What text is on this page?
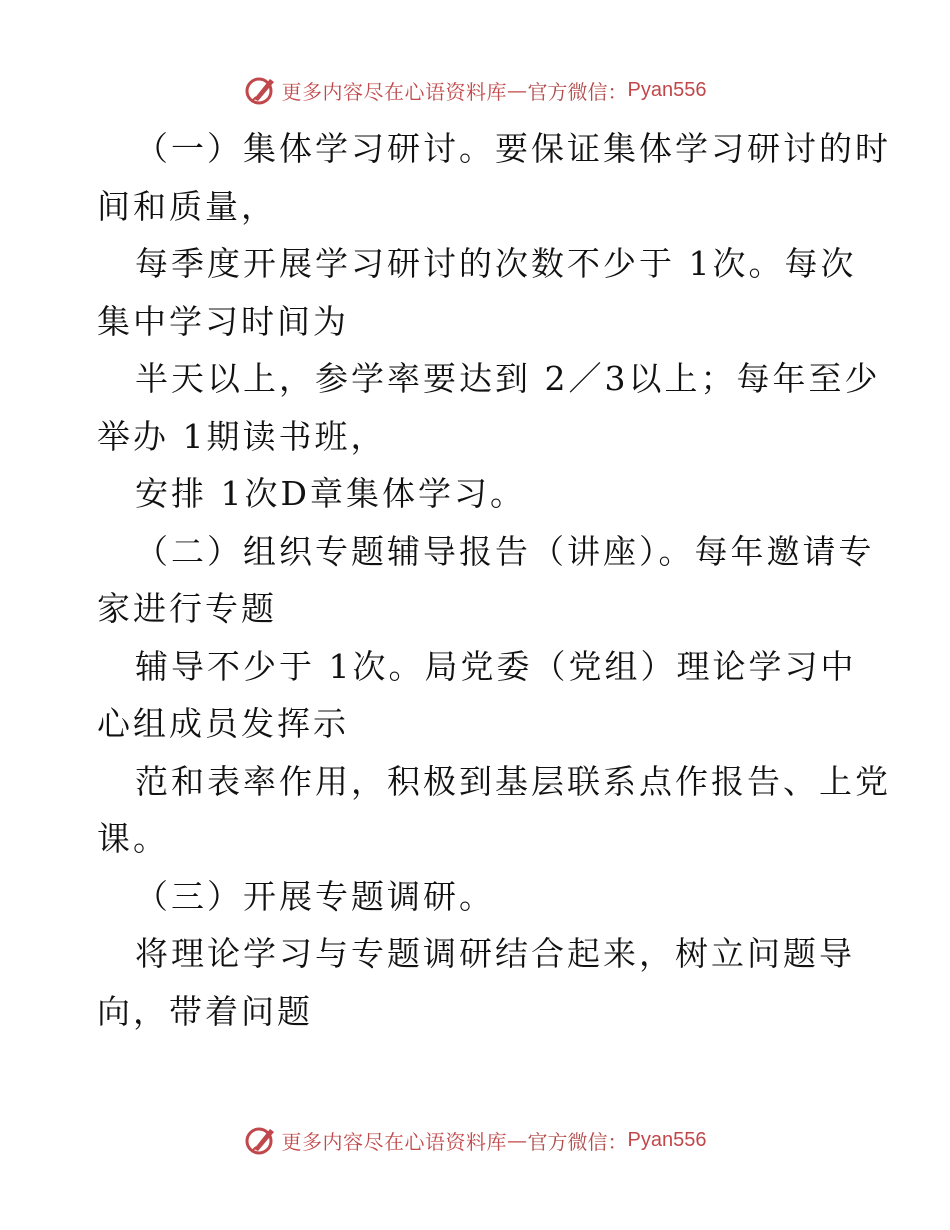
更多内容尽在心语资料库 — 官方微信： Pyan556
（一）集体学习研讨。要保证集体学习研讨的时
间和质量，
每季度开展学习研讨的次数不少于 1次。每次
集中学习时间为
半天以上，参学率要达到 2／3以上；每年至少
举办 1期读书班，
安排 1次D章集体学习。
（二）组织专题辅导报告（讲座）。每年邀请专
家进行专题
辅导不少于 1次。局党委（党组）理论学习中
心组成员发挥示
范和表率作用，积极到基层联系点作报告、上党
课。
（三）开展专题调研。
将理论学习与专题调研结合起来，树立问题导
向，带着问题
更多内容尽在心语资料库 — 官方微信： Pyan556
